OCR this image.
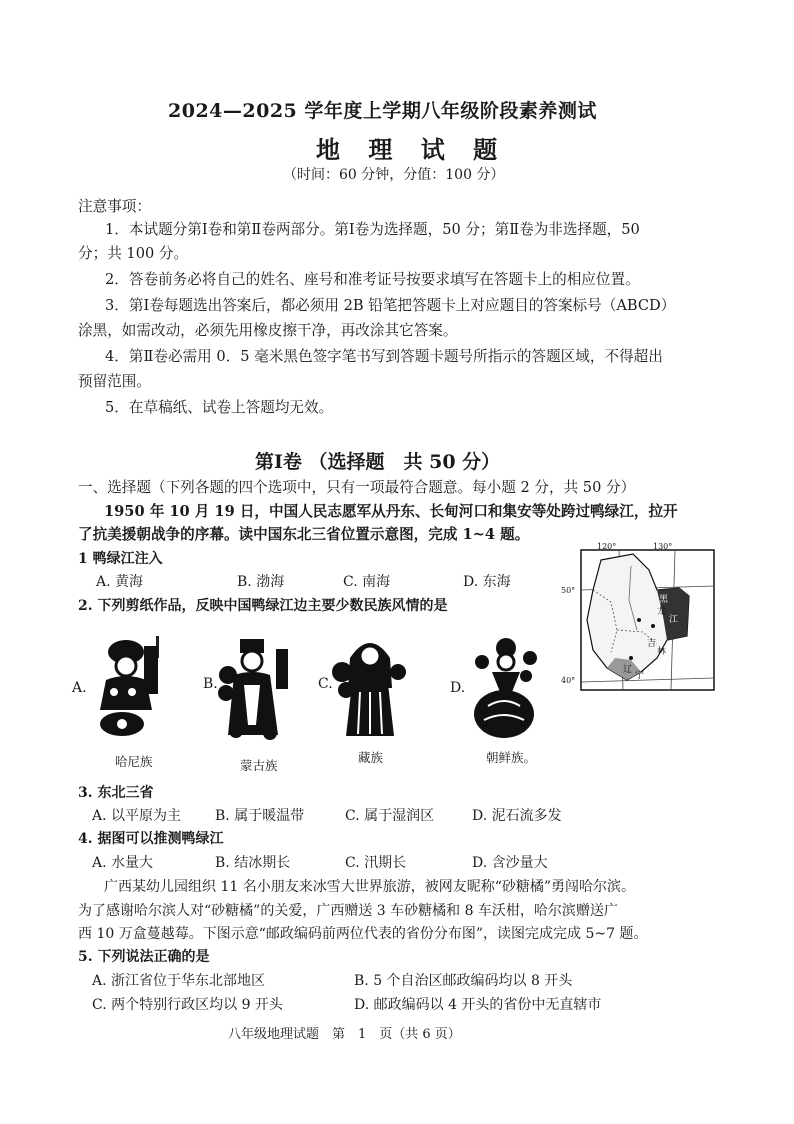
2024—2025 学年度上学期八年级阶段素养测试
地 理 试 题
（时间：60 分钟，分值：100 分）
注意事项：
1．本试题分第Ⅰ卷和第Ⅱ卷两部分。第Ⅰ卷为选择题，50 分；第Ⅱ卷为非选择题，50
分；共 100 分。
2．答卷前务必将自己的姓名、座号和准考证号按要求填写在答题卡上的相应位置。
3．第Ⅰ卷每题选出答案后，都必须用 2B 铅笔把答题卡上对应题目的答案标号（ABCD）
涂黑，如需改动，必须先用橡皮擦干净，再改涂其它答案。
4．第Ⅱ卷必需用 0．5 毫米黑色签字笔书写到答题卡题号所指示的答题区域，不得超出
预留范围。
5．在草稿纸、试卷上答题均无效。
第Ⅰ卷 （选择题　共 50 分）
一、选择题（下列各题的四个选项中，只有一项最符合题意。每小题 2 分，共 50 分）
1950 年 10 月 19 日，中国人民志愿军从丹东、长甸河口和集安等处跨过鸭绿江，拉开
了抗美援朝战争的序幕。读中国东北三省位置示意图，完成 1~4 题。
1 鸭绿江注入
A. 黄海	B. 渤海	C. 南海	D. 东海
2. 下列剪纸作品，反映中国鸭绿江边主要少数民族风情的是
A.
哈尼族
B.
蒙古族
C.
藏族
D.
朝鲜族。
120°	130°
50°
40°
黑
龙
江
吉
林
辽
宁
3. 东北三省
A. 以平原为主 B. 属于暖温带	C. 属于湿润区	D. 泥石流多发
4. 据图可以推测鸭绿江
A. 水量大	B. 结冰期长	C. 汛期长	D. 含沙量大
广西某幼儿园组织 11 名小朋友来冰雪大世界旅游，被网友昵称“砂糖橘”勇闯哈尔滨。
为了感谢哈尔滨人对“砂糖橘”的关爱，广西赠送 3 车砂糖橘和 8 车沃柑，哈尔滨赠送广
西 10 万盒蔓越莓。下图示意“邮政编码前两位代表的省份分布图”，读图完成完成 5~7 题。
5. 下列说法正确的是
A. 浙江省位于华东北部地区	B. 5 个自治区邮政编码均以 8 开头
C. 两个特别行政区均以 9 开头	D. 邮政编码以 4 开头的省份中无直辖市
八年级地理试题　第　1　页（共 6 页）
